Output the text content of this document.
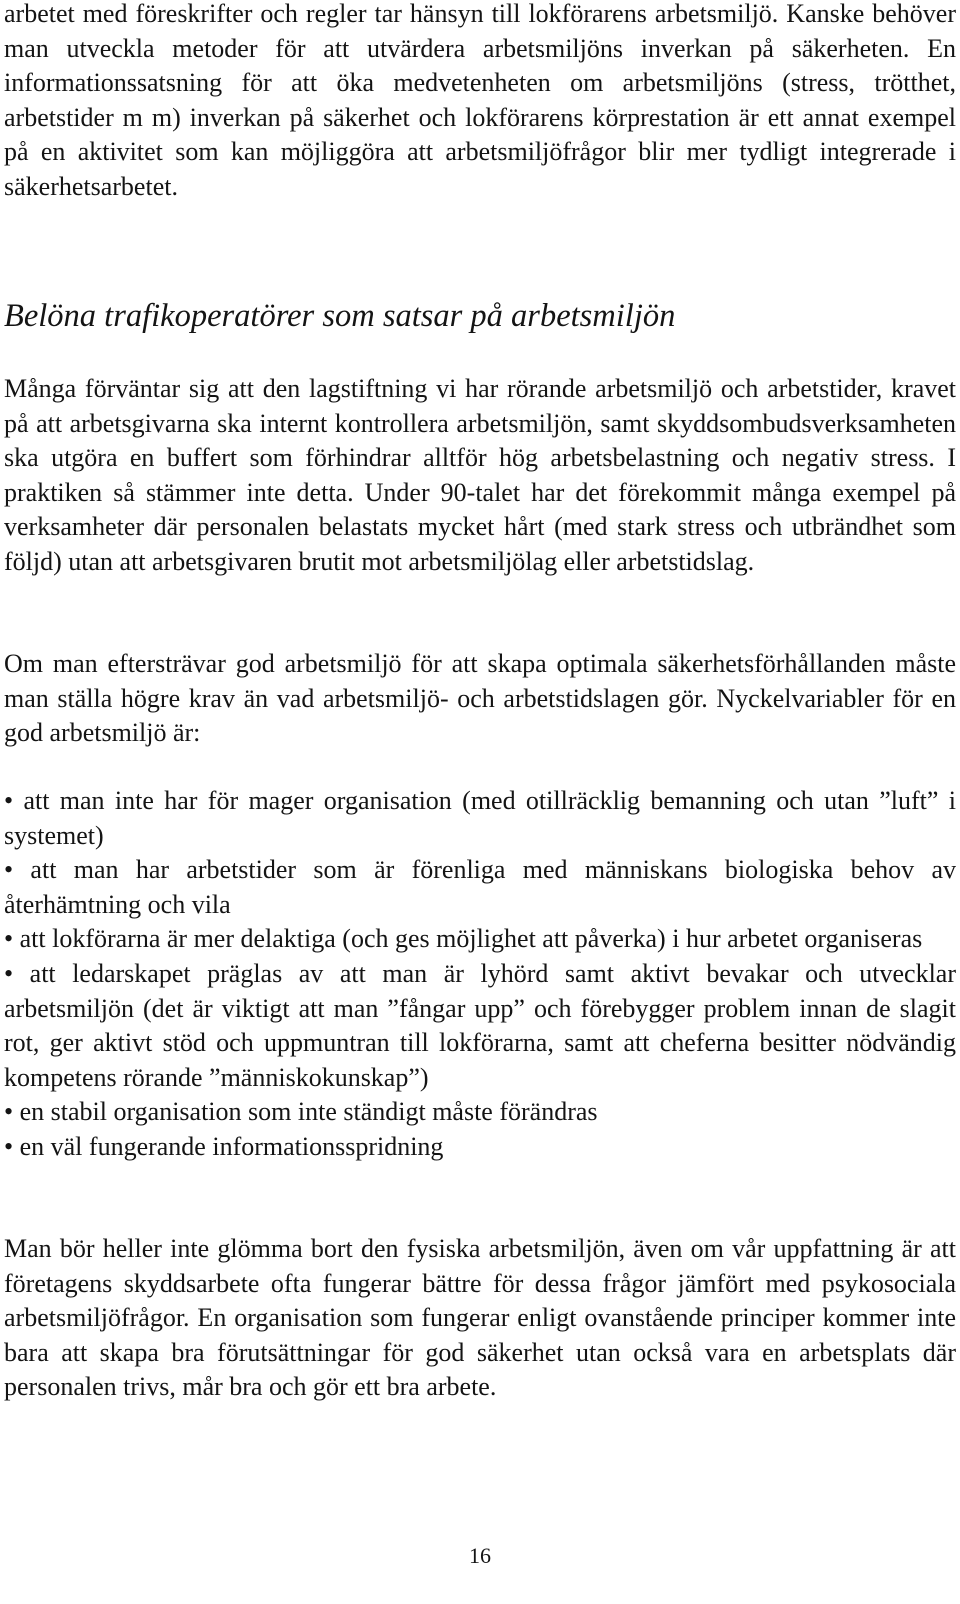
arbetet med föreskrifter och regler tar hänsyn till lokförarens arbetsmiljö. Kanske behöver man utveckla metoder för att utvärdera arbetsmiljöns inverkan på säkerheten. En informationssatsning för att öka medvetenheten om arbetsmiljöns (stress, trötthet, arbetstider m m) inverkan på säkerhet och lokförarens körprestation är ett annat exempel på en aktivitet som kan möjliggöra att arbetsmiljöfrågor blir mer tydligt integrerade i säkerhetsarbetet.

Belöna trafikoperatörer som satsar på arbetsmiljön

Många förväntar sig att den lagstiftning vi har rörande arbetsmiljö och arbetstider, kravet på att arbetsgivarna ska internt kontrollera arbetsmiljön, samt skyddsombudsverksamheten ska utgöra en buffert som förhindrar alltför hög arbetsbelastning och negativ stress. I praktiken så stämmer inte detta. Under 90-talet har det förekommit många exempel på verksamheter där personalen belastats mycket hårt (med stark stress och utbrändhet som följd) utan att arbetsgivaren brutit mot arbetsmiljölag eller arbetstidslag.

Om man eftersträvar god arbetsmiljö för att skapa optimala säkerhetsförhållanden måste man ställa högre krav än vad arbetsmiljö- och arbetstidslagen gör. Nyckelvariabler för en god arbetsmiljö är:

• att man inte har för mager organisation (med otillräcklig bemanning och utan ”luft” i systemet)
• att man har arbetstider som är förenliga med människans biologiska behov av återhämtning och vila
• att lokförarna är mer delaktiga (och ges möjlighet att påverka) i hur arbetet organiseras
• att ledarskapet präglas av att man är lyhörd samt aktivt bevakar och utvecklar arbetsmiljön (det är viktigt att man ”fångar upp” och förebygger problem innan de slagit rot, ger aktivt stöd och uppmuntran till lokförarna, samt att cheferna besitter nödvändig kompetens rörande ”människokunskap”)
• en stabil organisation som inte ständigt måste förändras
• en väl fungerande informationsspridning

Man bör heller inte glömma bort den fysiska arbetsmiljön, även om vår uppfattning är att företagens skyddsarbete ofta fungerar bättre för dessa frågor jämfört med psykosociala arbetsmiljöfrågor. En organisation som fungerar enligt ovanstående principer kommer inte bara att skapa bra förutsättningar för god säkerhet utan också vara en arbetsplats där personalen trivs, mår bra och gör ett bra arbete.

16
